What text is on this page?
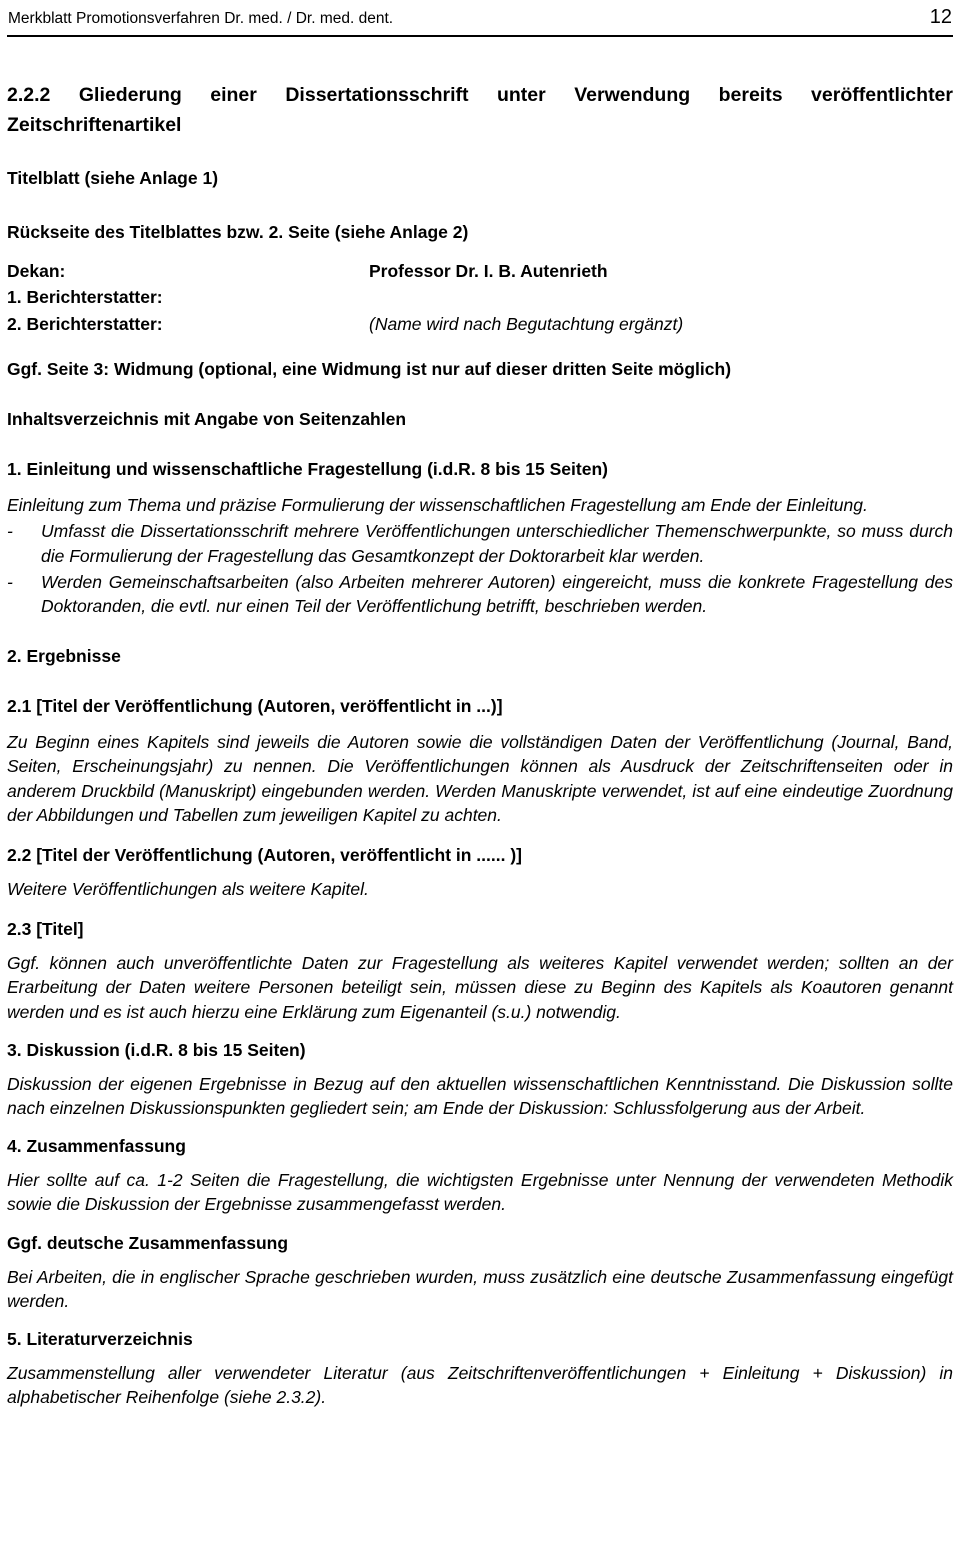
Merkblatt Promotionsverfahren Dr. med. / Dr. med. dent.	12
2.2.2 Gliederung einer Dissertationsschrift unter Verwendung bereits veröffentlichter Zeitschriftenartikel
Titelblatt (siehe Anlage 1)
Rückseite des Titelblattes bzw. 2. Seite (siehe Anlage 2)
Dekan:	Professor Dr. I. B. Autenrieth
1. Berichterstatter:
2. Berichterstatter:	(Name wird nach Begutachtung ergänzt)
Ggf. Seite 3: Widmung (optional, eine Widmung ist nur auf dieser dritten Seite möglich)
Inhaltsverzeichnis mit Angabe von Seitenzahlen
1. Einleitung und wissenschaftliche Fragestellung (i.d.R. 8 bis 15 Seiten)
Einleitung zum Thema und präzise Formulierung der wissenschaftlichen Fragestellung am Ende der Einleitung.
-	Umfasst die Dissertationsschrift mehrere Veröffentlichungen unterschiedlicher Themenschwerpunkte, so muss durch die Formulierung der Fragestellung das Gesamtkonzept der Doktorarbeit klar werden.
-	Werden Gemeinschaftsarbeiten (also Arbeiten mehrerer Autoren) eingereicht, muss die konkrete Fragestellung des Doktoranden, die evtl. nur einen Teil der Veröffentlichung betrifft, beschrieben werden.
2. Ergebnisse
2.1 [Titel der Veröffentlichung (Autoren, veröffentlicht in ...)]
Zu Beginn eines Kapitels sind jeweils die Autoren sowie die vollständigen Daten der Veröffentlichung (Journal, Band, Seiten, Erscheinungsjahr) zu nennen. Die Veröffentlichungen können als Ausdruck der Zeitschriftenseiten oder in anderem Druckbild (Manuskript) eingebunden werden. Werden Manuskripte verwendet, ist auf eine eindeutige Zuordnung der Abbildungen und Tabellen zum jeweiligen Kapitel zu achten.
2.2 [Titel der Veröffentlichung (Autoren, veröffentlicht in ...... )]
Weitere Veröffentlichungen als weitere Kapitel.
2.3 [Titel]
Ggf. können auch unveröffentlichte Daten zur Fragestellung als weiteres Kapitel verwendet werden; sollten an der Erarbeitung der Daten weitere Personen beteiligt sein, müssen diese zu Beginn des Kapitels als Koautoren genannt werden und es ist auch hierzu eine Erklärung zum Eigenanteil (s.u.) notwendig.
3. Diskussion (i.d.R. 8 bis 15 Seiten)
Diskussion der eigenen Ergebnisse in Bezug auf den aktuellen wissenschaftlichen Kenntnisstand. Die Diskussion sollte nach einzelnen Diskussionspunkten gegliedert sein; am Ende der Diskussion: Schlussfolgerung aus der Arbeit.
4. Zusammenfassung
Hier sollte auf ca. 1-2 Seiten die Fragestellung, die wichtigsten Ergebnisse unter Nennung der verwendeten Methodik sowie die Diskussion der Ergebnisse zusammengefasst werden.
Ggf. deutsche Zusammenfassung
Bei Arbeiten, die in englischer Sprache geschrieben wurden, muss zusätzlich eine deutsche Zusammenfassung eingefügt werden.
5. Literaturverzeichnis
Zusammenstellung aller verwendeter Literatur (aus Zeitschriftenveröffentlichungen + Einleitung + Diskussion) in alphabetischer Reihenfolge (siehe 2.3.2).
